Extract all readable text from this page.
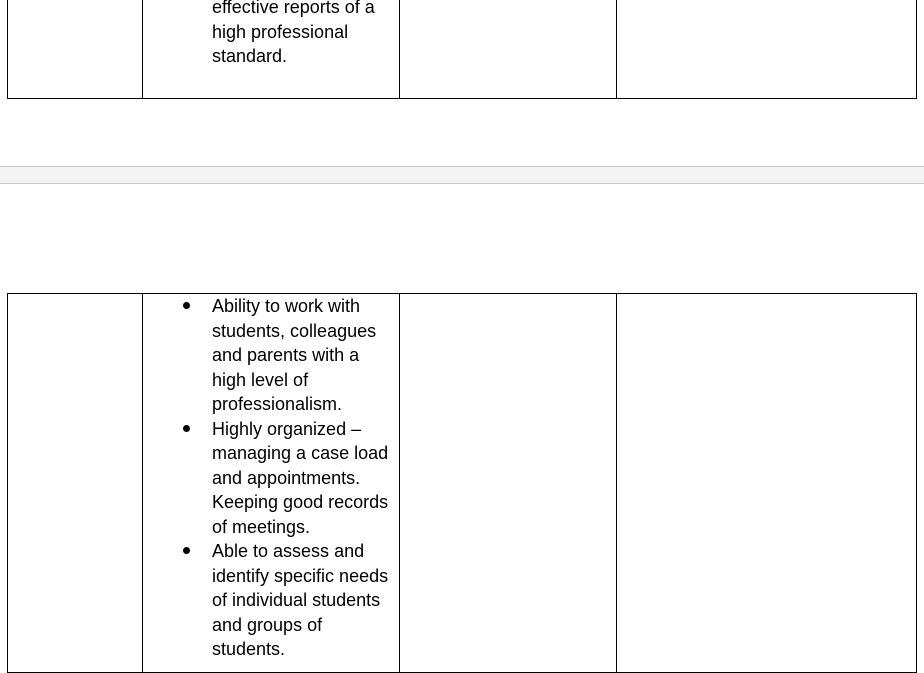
effective reports of a high professional standard.

Ability to work with students, colleagues and parents with a high level of professionalism.
Highly organized – managing a case load and appointments. Keeping good records of meetings.
Able to assess and identify specific needs of individual students and groups of students.
